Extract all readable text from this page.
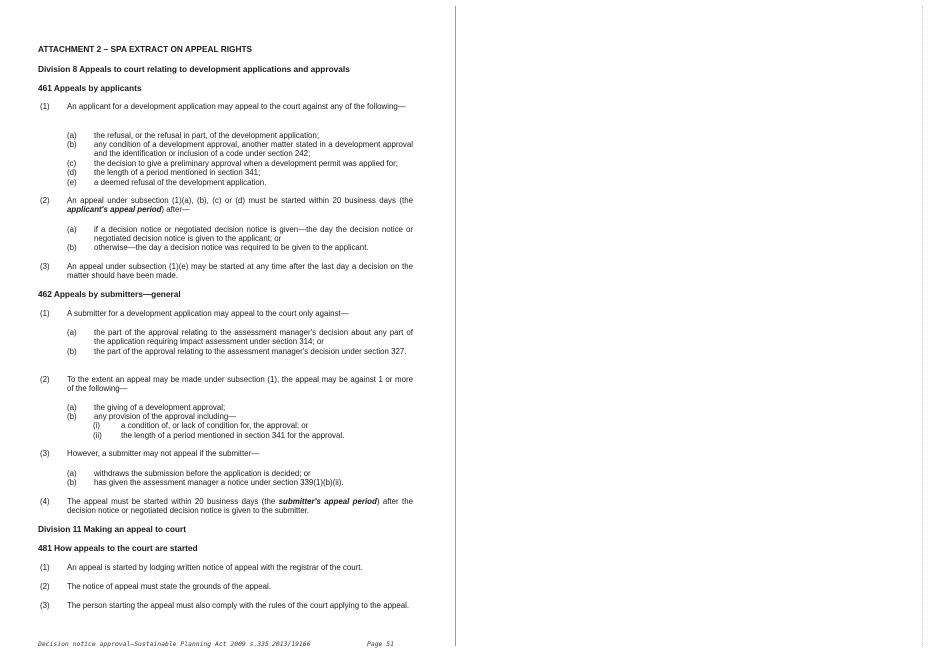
ATTACHMENT 2 – SPA EXTRACT ON APPEAL RIGHTS
Division 8 Appeals to court relating to development applications and approvals
461 Appeals by applicants
(1) An applicant for a development application may appeal to the court against any of the following—
(a) the refusal, or the refusal in part, of the development application;
(b) any condition of a development approval, another matter stated in a development approval and the identification or inclusion of a code under section 242;
(c) the decision to give a preliminary approval when a development permit was applied for;
(d) the length of a period mentioned in section 341;
(e) a deemed refusal of the development application.
(2) An appeal under subsection (1)(a), (b), (c) or (d) must be started within 20 business days (the applicant's appeal period) after—
(a) if a decision notice or negotiated decision notice is given—the day the decision notice or negotiated decision notice is given to the applicant; or
(b) otherwise—the day a decision notice was required to be given to the applicant.
(3) An appeal under subsection (1)(e) may be started at any time after the last day a decision on the matter should have been made.
462 Appeals by submitters—general
(1) A submitter for a development application may appeal to the court only against—
(a) the part of the approval relating to the assessment manager's decision about any part of the application requiring impact assessment under section 314; or
(b) the part of the approval relating to the assessment manager's decision under section 327.
(2) To the extent an appeal may be made under subsection (1), the appeal may be against 1 or more of the following—
(a) the giving of a development approval;
(b) any provision of the approval including—
(i)	a condition of, or lack of condition for, the approval; or
(ii) the length of a period mentioned in section 341 for the approval.
(3) However, a submitter may not appeal if the submitter—
(a) withdraws the submission before the application is decided; or
(b) has given the assessment manager a notice under section 339(1)(b)(ii).
(4) The appeal must be started within 20 business days (the submitter's appeal period) after the decision notice or negotiated decision notice is given to the submitter.
Division 11 Making an appeal to court
481 How appeals to the court are started
(1) An appeal is started by lodging written notice of appeal with the registrar of the court.
(2) The notice of appeal must state the grounds of the appeal.
(3) The person starting the appeal must also comply with the rules of the court applying to the appeal.
Decision notice approval—Sustainable Planning Act 2009 s.335 2013/19166	Page 51
